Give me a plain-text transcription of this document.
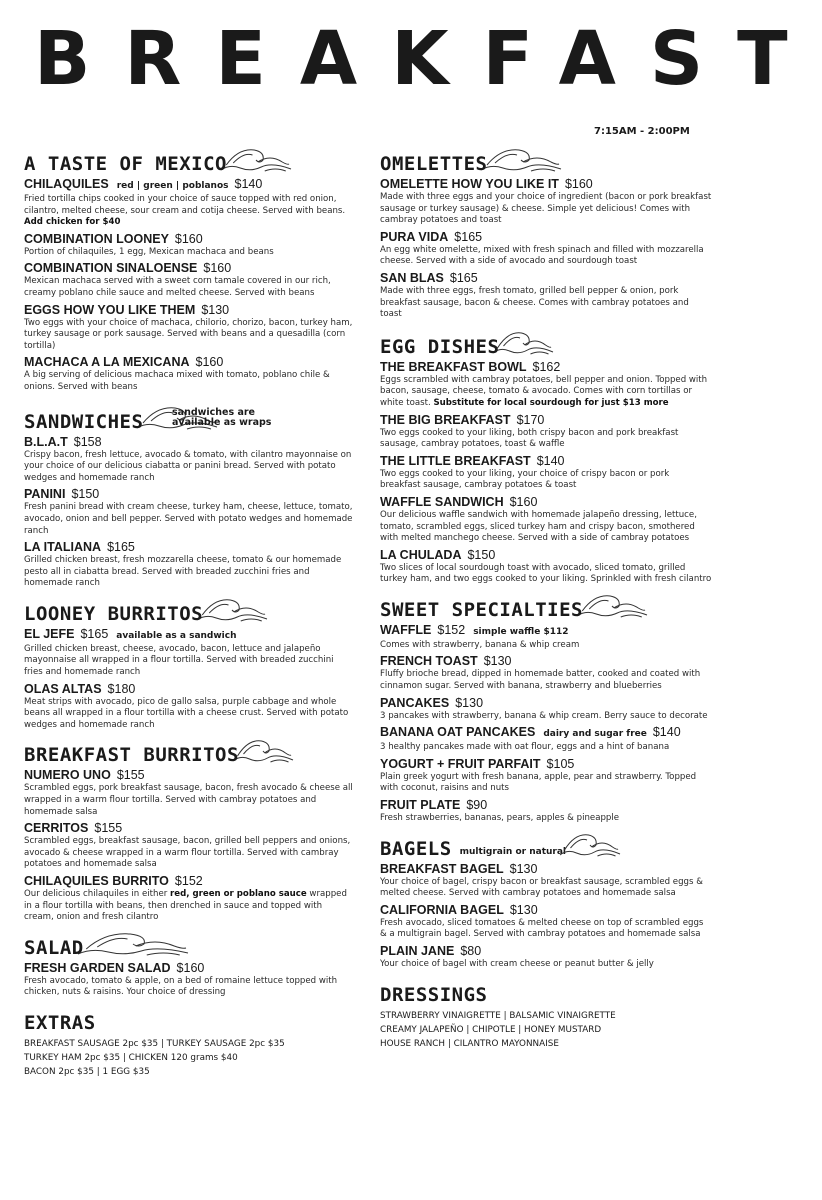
BREAKFAST
7:15AM - 2:00PM
A TASTE OF MEXICO
CHILAQUILES red | green | poblanos $140
Fried tortilla chips cooked in your choice of sauce topped with red onion, cilantro, melted cheese, sour cream and cotija cheese. Served with beans. Add chicken for $40
COMBINATION LOONEY $160
Portion of chilaquiles, 1 egg, Mexican machaca and beans
COMBINATION SINALOENSE $160
Mexican machaca served with a sweet corn tamale covered in our rich, creamy poblano chile sauce and melted cheese. Served with beans
EGGS HOW YOU LIKE THEM $130
Two eggs with your choice of machaca, chilorio, chorizo, bacon, turkey ham, turkey sausage or pork sausage. Served with beans and a quesadilla (corn tortilla)
MACHACA A LA MEXICANA $160
A big serving of delicious machaca mixed with tomato, poblano chile & onions. Served with beans
SANDWICHES	sandwiches are available as wraps
B.L.A.T $158
Crispy bacon, fresh lettuce, avocado & tomato, with cilantro mayonnaise on your choice of our delicious ciabatta or panini bread. Served with potato wedges and homemade ranch
PANINI $150
Fresh panini bread with cream cheese, turkey ham, cheese, lettuce, tomato, avocado, onion and bell pepper. Served with potato wedges and homemade ranch
LA ITALIANA $165
Grilled chicken breast, fresh mozzarella cheese, tomato & our homemade pesto all in ciabatta bread. Served with breaded zucchini fries and homemade ranch
LOONEY BURRITOS
EL JEFE $165 available as a sandwich
Grilled chicken breast, cheese, avocado, bacon, lettuce and jalapeño mayonnaise all wrapped in a flour tortilla. Served with breaded zucchini fries and homemade ranch
OLAS ALTAS $180
Meat strips with avocado, pico de gallo salsa, purple cabbage and whole beans all wrapped in a flour tortilla with a cheese crust. Served with potato wedges and homemade ranch
BREAKFAST BURRITOS
NUMERO UNO $155
Scrambled eggs, pork breakfast sausage, bacon, fresh avocado & cheese all wrapped in a warm flour tortilla. Served with cambray potatoes and homemade salsa
CERRITOS $155
Scrambled eggs, breakfast sausage, bacon, grilled bell peppers and onions, avocado & cheese wrapped in a warm flour tortilla. Served with cambray potatoes and homemade salsa
CHILAQUILES BURRITO $152
Our delicious chilaquiles in either red, green or poblano sauce wrapped in a flour tortilla with beans, then drenched in sauce and topped with cream, onion and fresh cilantro
SALAD
FRESH GARDEN SALAD $160
Fresh avocado, tomato & apple, on a bed of romaine lettuce topped with chicken, nuts & raisins. Your choice of dressing
EXTRAS
BREAKFAST SAUSAGE 2pc $35 | TURKEY SAUSAGE 2pc $35
TURKEY HAM 2pc $35 | CHICKEN 120 grams $40
BACON 2pc $35 | 1 EGG $35
OMELETTES
OMELETTE HOW YOU LIKE IT $160
Made with three eggs and your choice of ingredient (bacon or pork breakfast sausage or turkey sausage) & cheese. Simple yet delicious! Comes with cambray potatoes and toast
PURA VIDA $165
An egg white omelette, mixed with fresh spinach and filled with mozzarella cheese. Served with a side of avocado and sourdough toast
SAN BLAS $165
Made with three eggs, fresh tomato, grilled bell pepper & onion, pork breakfast sausage, bacon & cheese. Comes with cambray potatoes and toast
EGG DISHES
THE BREAKFAST BOWL $162
Eggs scrambled with cambray potatoes, bell pepper and onion. Topped with bacon, sausage, cheese, tomato & avocado. Comes with corn tortillas or white toast. Substitute for local sourdough for just $13 more
THE BIG BREAKFAST $170
Two eggs cooked to your liking, both crispy bacon and pork breakfast sausage, cambray potatoes, toast & waffle
THE LITTLE BREAKFAST $140
Two eggs cooked to your liking, your choice of crispy bacon or pork breakfast sausage, cambray potatoes & toast
WAFFLE SANDWICH $160
Our delicious waffle sandwich with homemade jalapeño dressing, lettuce, tomato, scrambled eggs, sliced turkey ham and crispy bacon, smothered with melted manchego cheese. Served with a side of cambray potatoes
LA CHULADA $150
Two slices of local sourdough toast with avocado, sliced tomato, grilled turkey ham, and two eggs cooked to your liking. Sprinkled with fresh cilantro
SWEET SPECIALTIES
WAFFLE $152 simple waffle $112
Comes with strawberry, banana & whip cream
FRENCH TOAST $130
Fluffy brioche bread, dipped in homemade batter, cooked and coated with cinnamon sugar. Served with banana, strawberry and blueberries
PANCAKES $130
3 pancakes with strawberry, banana & whip cream. Berry sauce to decorate
BANANA OAT PANCAKES dairy and sugar free $140
3 healthy pancakes made with oat flour, eggs and a hint of banana
YOGURT + FRUIT PARFAIT $105
Plain greek yogurt with fresh banana, apple, pear and strawberry. Topped with coconut, raisins and nuts
FRUIT PLATE $90
Fresh strawberries, bananas, pears, apples & pineapple
BAGELS multigrain or natural
BREAKFAST BAGEL $130
Your choice of bagel, crispy bacon or breakfast sausage, scrambled eggs & melted cheese. Served with cambray potatoes and homemade salsa
CALIFORNIA BAGEL $130
Fresh avocado, sliced tomatoes & melted cheese on top of scrambled eggs & a multigrain bagel. Served with cambray potatoes and homemade salsa
PLAIN JANE $80
Your choice of bagel with cream cheese or peanut butter & jelly
DRESSINGS
STRAWBERRY VINAIGRETTE | BALSAMIC VINAIGRETTE
CREAMY JALAPEÑO | CHIPOTLE | HONEY MUSTARD
HOUSE RANCH | CILANTRO MAYONNAISE
